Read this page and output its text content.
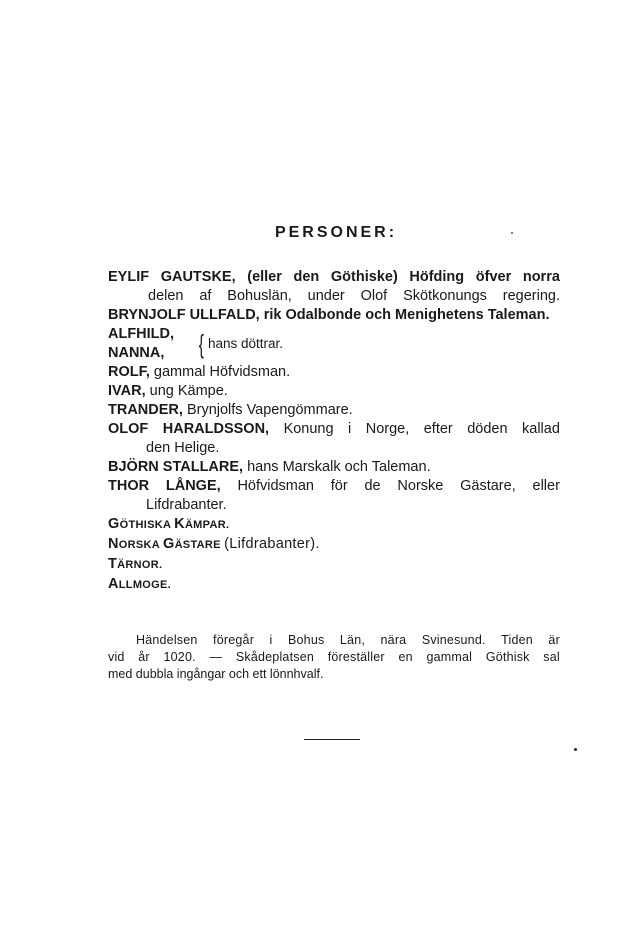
PERSONER:
EYLIF GAUTSKE, (eller den Göthiske) Höfding öfver norra
delen af Bohuslän, under Olof Skötkonungs regering.
BRYNJOLF ULLFALD, rik Odalbonde och Menighetens Taleman.
ALFHILD,
NANNA, { hans döttrar.
ROLF, gammal Höfvidsman.
IVAR, ung Kämpe.
TRANDER, Brynjolfs Vapengömmare.
OLOF HARALDSSON, Konung i Norge, efter döden kallad
den Helige.
BJÖRN STALLARE, hans Marskalk och Taleman.
THOR LÅNGE, Höfvidsman för de Norske Gästare, eller
Lifdrabanter.
GÖTHISKA KÄMPAR.
NORSKA GÄSTARE (Lifdrabanter).
TÄRNOR.
ALLMOGE.
Händelsen föregår i Bohus Län, nära Svinesund. Tiden är
vid år 1020. — Skådeplatsen föreställer en gammal Göthisk sal
med dubbla ingångar och ett lönnhvalf.
